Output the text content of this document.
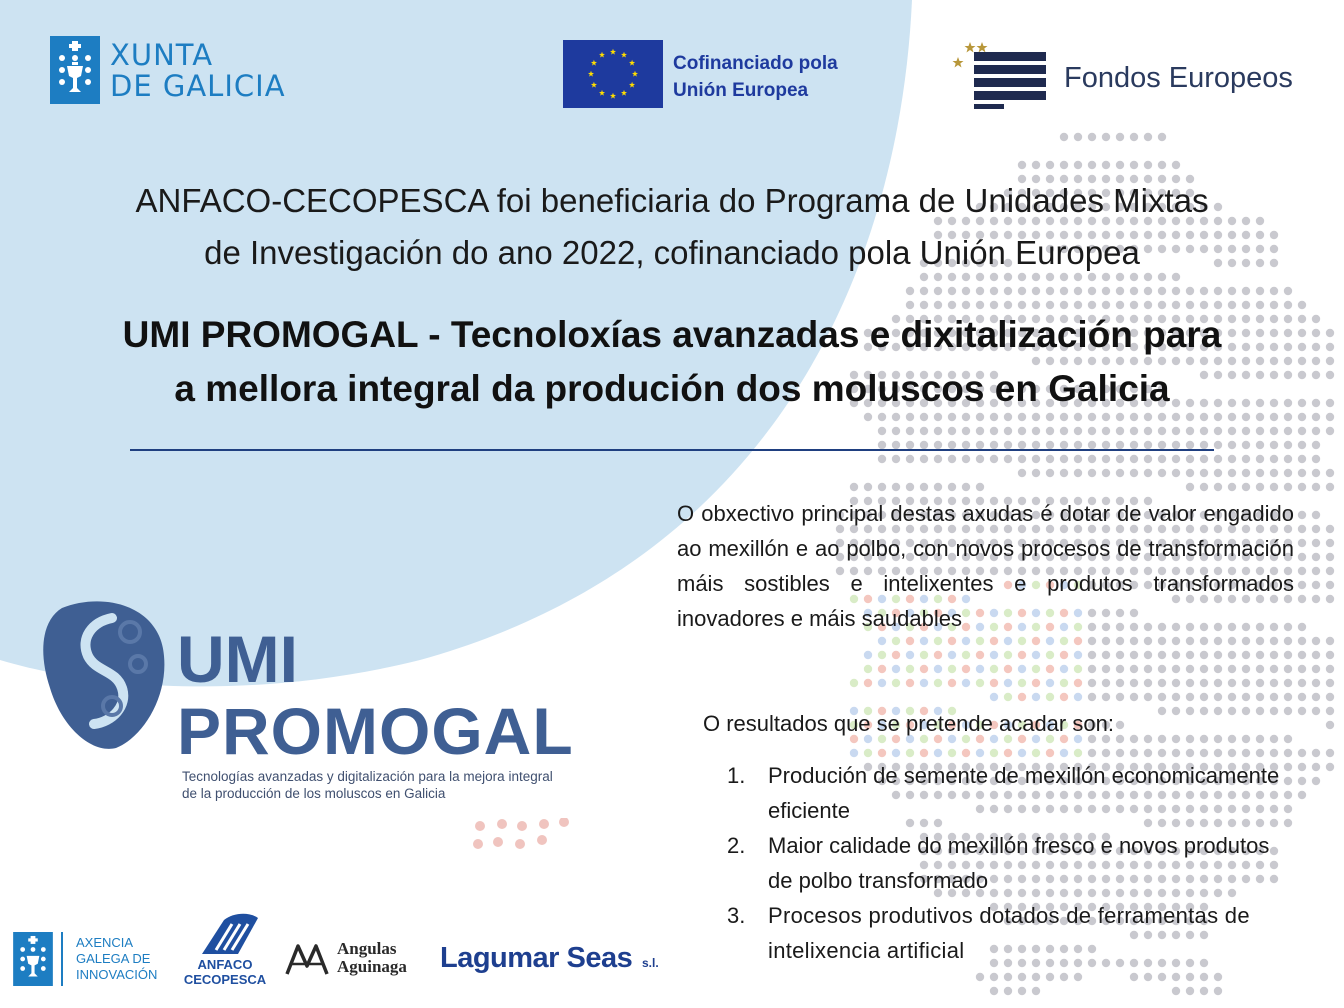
XUNTA
DE GALICIA
Cofinanciado pola
Unión Europea	Fondos Europeos
ANFACO-CECOPESCA foi beneficiaria do Programa de Unidades Mixtas
de Investigación do ano 2022, cofinanciado pola Unión Europea
UMI PROMOGAL - Tecnoloxías avanzadas e dixitalización para
a mellora integral da produción dos moluscos en Galicia
UMI
PROMOGAL
Tecnologías avanzadas y digitalización para la mejora integral
de la producción de los moluscos en Galicia
O obxectivo principal destas axudas é dotar de valor engadido ao mexillón e ao polbo, con novos procesos de transformación máis sostibles e intelixentes e produtos transformados inovadores e máis saudables
O resultados que se pretende acadar son:
1. Produción de semente de mexillón economicamente eficiente
2. Maior calidade do mexillón fresco e novos produtos de polbo transformado
3. Procesos produtivos dotados de ferramentas de intelixencia artificial
AXENCIA
GALEGA DE
INNOVACIÓN
ANFACO
CECOPESCA
Angulas
Aguinaga Lagumar Seas s.l.
